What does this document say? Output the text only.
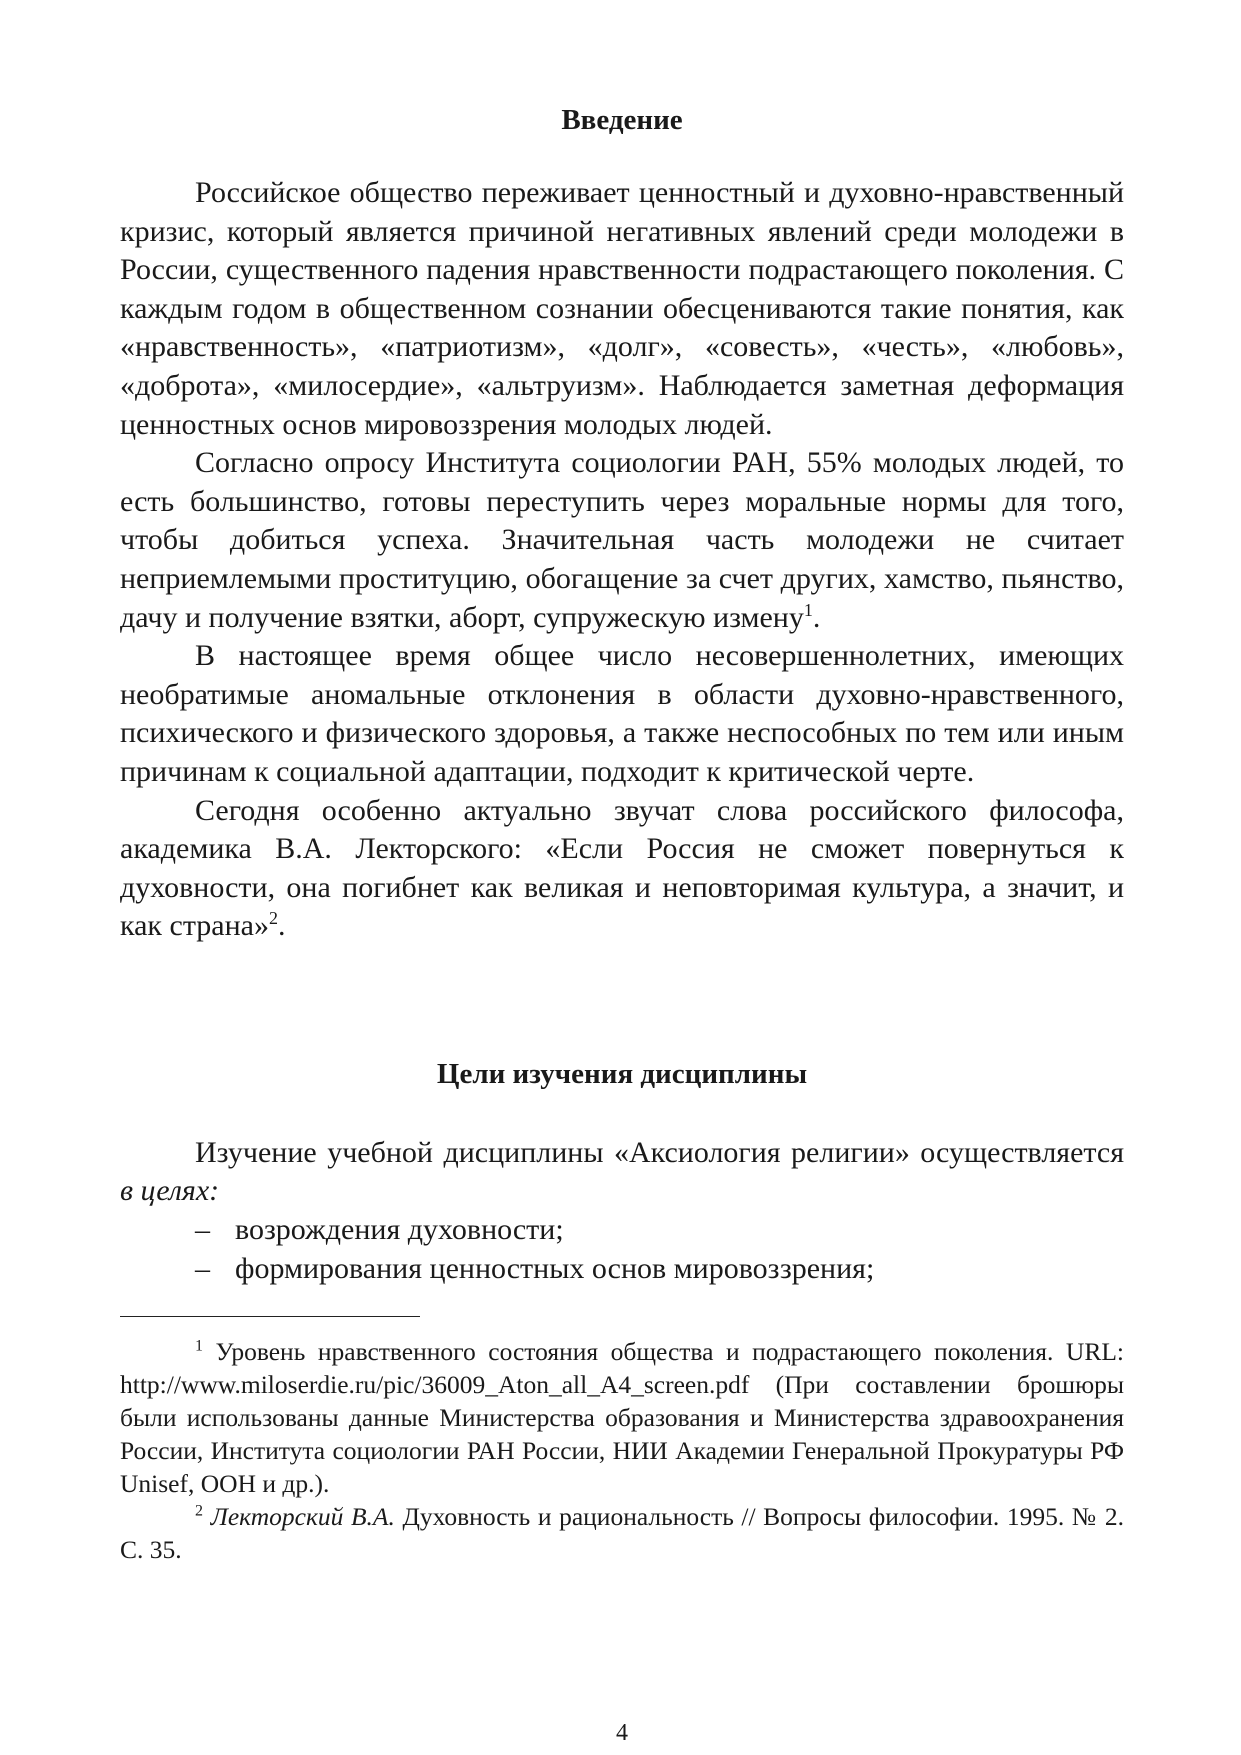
Введение

Российское общество переживает ценностный и духовно-нравственный кризис, который является причиной негативных явлений среди молодежи в России, существенного падения нравственности подрастающего поколения. С каждым годом в общественном сознании обесцениваются такие понятия, как «нравственность», «патриотизм», «долг», «совесть», «честь», «любовь», «доброта», «милосердие», «альтруизм». Наблюдается заметная деформация ценностных основ мировоззрения молодых людей.

Согласно опросу Института социологии РАН, 55% молодых людей, то есть большинство, готовы переступить через моральные нормы для того, чтобы добиться успеха. Значительная часть молодежи не считает неприемлемыми проституцию, обогащение за счет других, хамство, пьянство, дачу и получение взятки, аборт, супружескую измену$^1$.

В настоящее время общее число несовершеннолетних, имеющих необратимые аномальные отклонения в области духовно-нравственного, психического и физического здоровья, а также неспособных по тем или иным причинам к социальной адаптации, подходит к критической черте.

Сегодня особенно актуально звучат слова российского философа, академика В.А. Лекторского: «Если Россия не сможет повернуться к духовности, она погибнет как великая и неповторимая культура, а значит, и как страна»$^2$.

Цели изучения дисциплины

Изучение учебной дисциплины «Аксиология религии» осуществляется в целях:

– возрождения духовности;
– формирования ценностных основ мировоззрения;

$^1$ Уровень нравственного состояния общества и подрастающего поколения. URL: http://www.miloserdie.ru/pic/36009_Aton_all_A4_screen.pdf (При составлении брошюры были использованы данные Министерства образования и Министерства здравоохранения России, Института социологии РАН России, НИИ Академии Генеральной Прокуратуры РФ Unisef, ООН и др.).

$^2$ Лекторский В.А. Духовность и рациональность // Вопросы философии. 1995. № 2. С. 35.

4
